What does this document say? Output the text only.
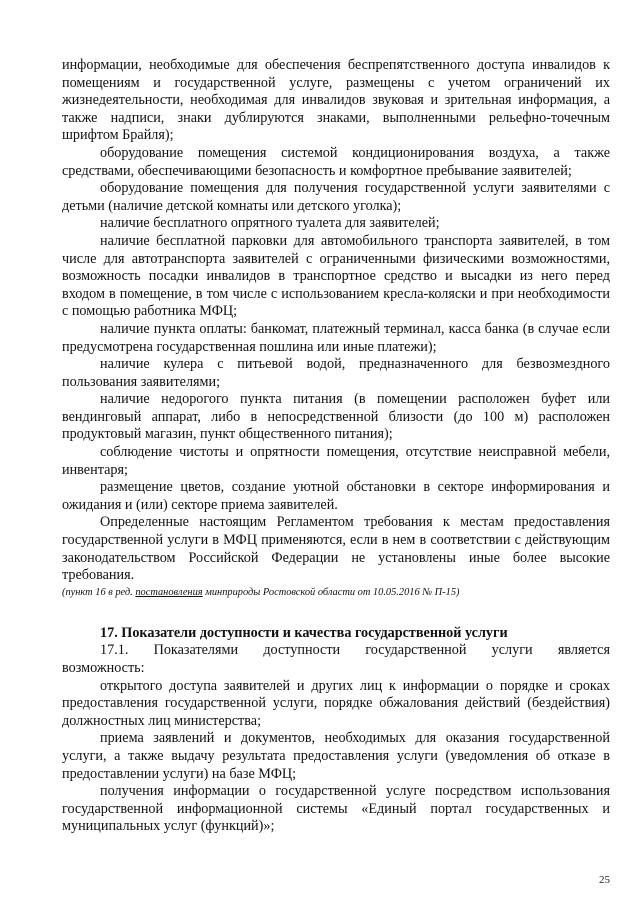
информации, необходимые для обеспечения беспрепятственного доступа инвалидов к помещениям и государственной услуге, размещены с учетом ограничений их жизнедеятельности, необходимая для инвалидов звуковая и зрительная информация, а также надписи, знаки дублируются знаками, выполненными рельефно-точечным шрифтом Брайля);

оборудование помещения системой кондиционирования воздуха, а также средствами, обеспечивающими безопасность и комфортное пребывание заявителей;

оборудование помещения для получения государственной услуги заявителями с детьми (наличие детской комнаты или детского уголка);

наличие бесплатного опрятного туалета для заявителей;

наличие бесплатной парковки для автомобильного транспорта заявителей, в том числе для автотранспорта заявителей с ограниченными физическими возможностями, возможность посадки инвалидов в транспортное средство и высадки из него перед входом в помещение, в том числе с использованием кресла-коляски и при необходимости с помощью работника МФЦ;

наличие пункта оплаты: банкомат, платежный терминал, касса банка (в случае если предусмотрена государственная пошлина или иные платежи);

наличие кулера с питьевой водой, предназначенного для безвозмездного пользования заявителями;

наличие недорогого пункта питания (в помещении расположен буфет или вендинговый аппарат, либо в непосредственной близости (до 100 м) расположен продуктовый магазин, пункт общественного питания);

соблюдение чистоты и опрятности помещения, отсутствие неисправной мебели, инвентаря;

размещение цветов, создание уютной обстановки в секторе информирования и ожидания и (или) секторе приема заявителей.

Определенные настоящим Регламентом требования к местам предоставления государственной услуги в МФЦ применяются, если в нем в соответствии с действующим законодательством Российской Федерации не установлены иные более высокие требования.

(пункт 16 в ред. постановления минприроды Ростовской области от 10.05.2016 № П-15)

17. Показатели доступности и качества государственной услуги

17.1. Показателями доступности государственной услуги является

возможность:

открытого доступа заявителей и других лиц к информации о порядке и сроках предоставления государственной услуги, порядке обжалования действий (бездействия) должностных лиц министерства;

приема заявлений и документов, необходимых для оказания государственной услуги, а также выдачу результата предоставления услуги (уведомления об отказе в предоставлении услуги) на базе МФЦ;

получения информации о государственной услуге посредством использования государственной информационной системы «Единый портал государственных и муниципальных услуг (функций)»;

25
